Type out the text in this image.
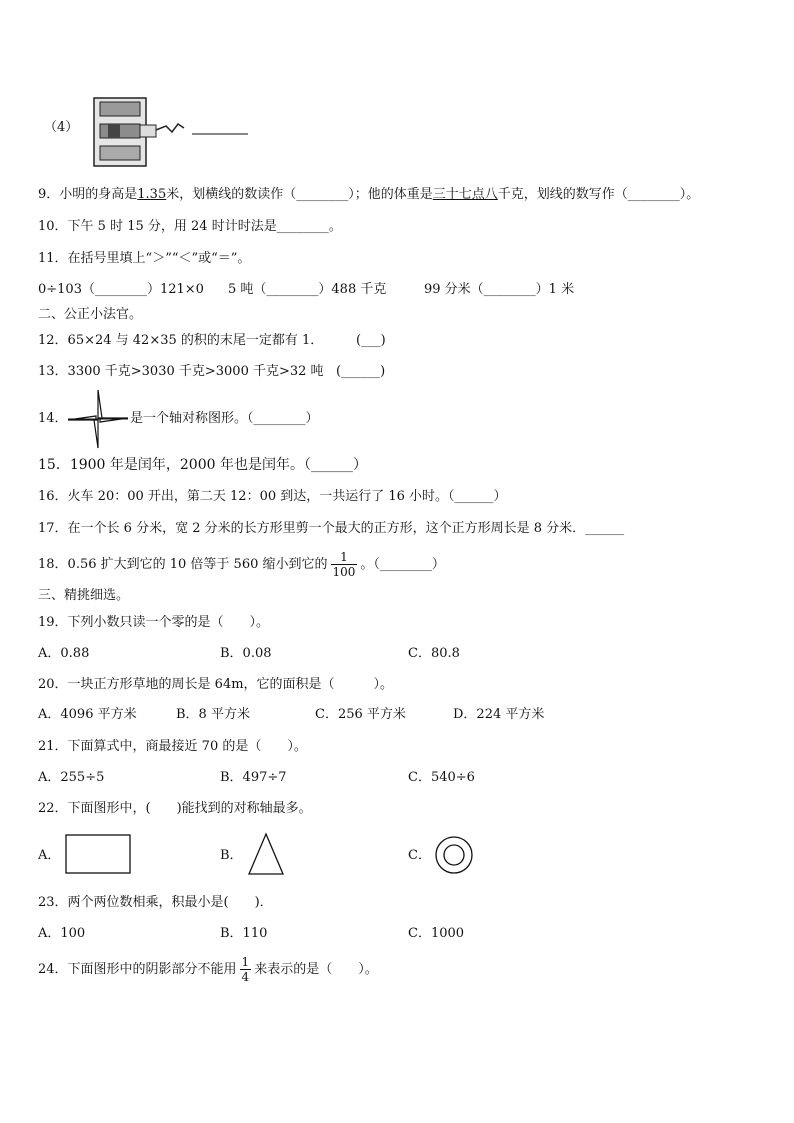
（4）
9．小明的身高是1.35米，划横线的数读作（________）；他的体重是三十七点八千克，划线的数写作（________）。
10．下午 5 时 15 分，用 24 时计时法是________。
11．在括号里填上“＞”“＜”或“＝”。
0÷103（________）121×0 5 吨（________）488 千克	99 分米（________）1 米
二、公正小法官。
12．65×24 与 42×35 的积的末尾一定都有 1．	(___)
13．3300 千克>3030 千克>3000 千克>32 吨 (______)
14．	是一个轴对称图形。（________）
15．1900 年是闰年，2000 年也是闰年。（______）
16．火车 20：00 开出，第二天 12：00 到达，一共运行了 16 小时。（______）
17．在一个长 6 分米，宽 2 分米的长方形里剪一个最大的正方形，这个正方形周长是 8 分米．______
18．0.56 扩大到它的 10 倍等于 560 缩小到它的 $\frac{1}{100}$ 。（________）
三、精挑细选。
19．下列小数只读一个零的是（　　）。
A．0.88	B．0.08	C．80.8
20．一块正方形草地的周长是 64m，它的面积是（　　　）。
A．4096 平方米	B．8 平方米	C．256 平方米	D．224 平方米
21．下面算式中，商最接近 70 的是（　　）。
A．255÷5	B．497÷7	C．540÷6
22．下面图形中，(　　)能找到的对称轴最多。
A．	B．	C．
23．两个两位数相乘，积最小是(　　)．
A．100	B．110	C．1000
24．下面图形中的阴影部分不能用 $\frac{1}{4}$ 来表示的是（　　）。
